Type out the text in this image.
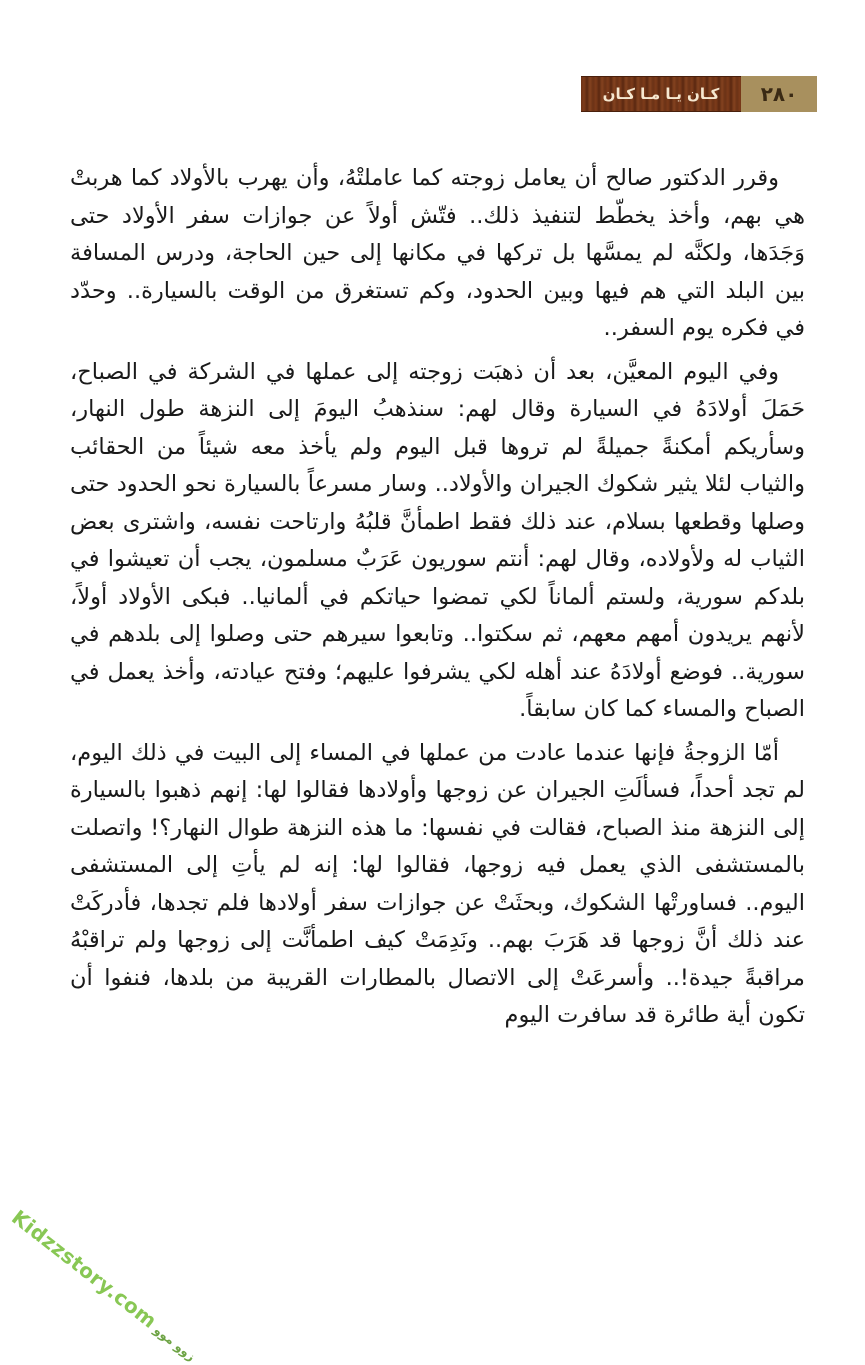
٢٨٠
كـان يـا مـا كـان

وقرر الدكتور صالح أن يعامل زوجته كما عاملتْهُ، وأن يهرب بالأولاد كما هربتْ هي بهم، وأخذ يخطّط لتنفيذ ذلك.. فتّش أولاً عن جوازات سفر الأولاد حتى وَجَدَها، ولكنَّه لم يمسَّها بل تركها في مكانها إلى حين الحاجة، ودرس المسافة بين البلد التي هم فيها وبين الحدود، وكم تستغرق من الوقت بالسيارة.. وحدّد في فكره يوم السفر..

وفي اليوم المعيَّن، بعد أن ذهبَت زوجته إلى عملها في الشركة في الصباح، حَمَلَ أولادَهُ في السيارة وقال لهم: سنذهبُ اليومَ إلى النزهة طول النهار، وسأريكم أمكنةً جميلةً لم تروها قبل اليوم ولم يأخذ معه شيئاً من الحقائب والثياب لئلا يثير شكوك الجيران والأولاد.. وسار مسرعاً بالسيارة نحو الحدود حتى وصلها وقطعها بسلام، عند ذلك فقط اطمأنَّ قلبُهُ وارتاحت نفسه، واشترى بعض الثياب له ولأولاده، وقال لهم: أنتم سوريون عَرَبٌ مسلمون، يجب أن تعيشوا في بلدكم سورية، ولستم ألماناً لكي تمضوا حياتكم في ألمانيا.. فبكى الأولاد أولاً، لأنهم يريدون أمهم معهم، ثم سكتوا.. وتابعوا سيرهم حتى وصلوا إلى بلدهم في سورية.. فوضع أولادَهُ عند أهله لكي يشرفوا عليهم؛ وفتح عيادته، وأخذ يعمل في الصباح والمساء كما كان سابقاً.

أمّا الزوجةُ فإنها عندما عادت من عملها في المساء إلى البيت في ذلك اليوم، لم تجد أحداً، فسألَتِ الجيران عن زوجها وأولادها فقالوا لها: إنهم ذهبوا بالسيارة إلى النزهة منذ الصباح، فقالت في نفسها: ما هذه النزهة طوال النهار؟! واتصلت بالمستشفى الذي يعمل فيه زوجها، فقالوا لها: إنه لم يأتِ إلى المستشفى اليوم.. فساورتْها الشكوك، وبحثَتْ عن جوازات سفر أولادها فلم تجدها، فأدركَتْ عند ذلك أنَّ زوجها قد هَرَبَ بهم.. ونَدِمَتْ كيف اطمأنَّت إلى زوجها ولم تراقبْهُ مراقبةً جيدة!.. وأسرعَتْ إلى الاتصال بالمطارات القريبة من بلدها، فنفوا أن تكون أية طائرة قد سافرت اليوم

Kidzzstory.comزوو موو
